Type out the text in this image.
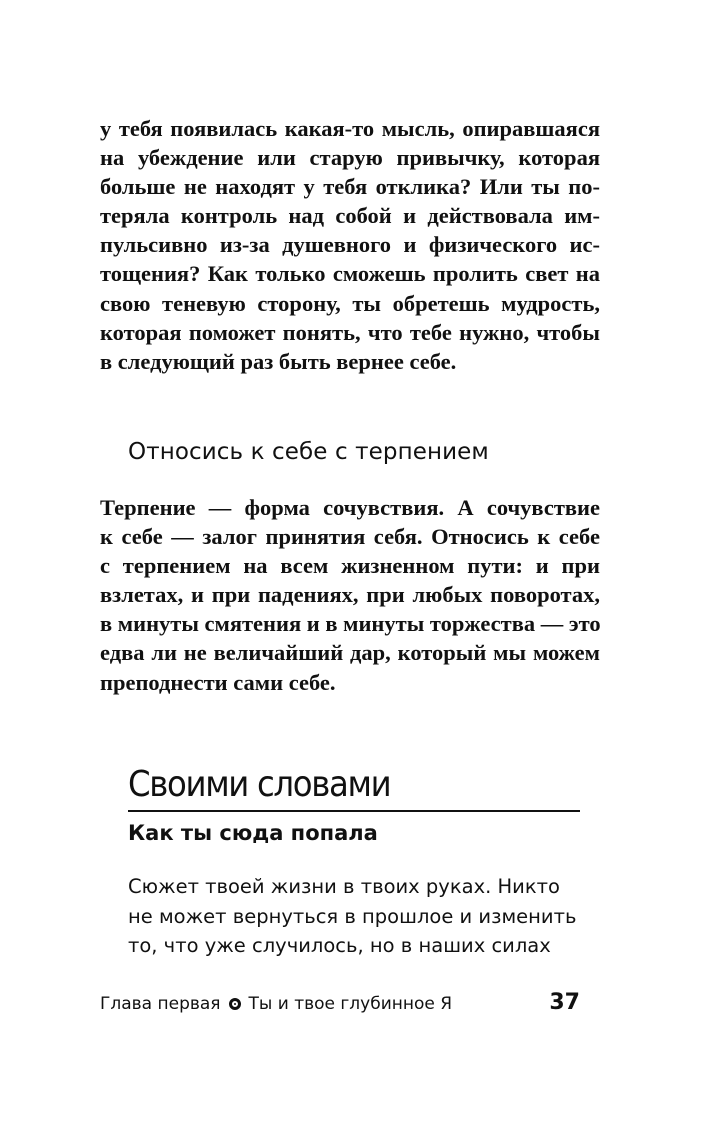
у тебя появилась какая-то мысль, опиравшаяся
на убеждение или старую привычку, которая
больше не находят у тебя отклика? Или ты по-
теряла контроль над собой и действовала им-
пульсивно из-за душевного и физического ис-
тощения? Как только сможешь пролить свет на
свою теневую сторону, ты обретешь мудрость,
которая поможет понять, что тебе нужно, чтобы
в следующий раз быть вернее себе.
Относись к себе с терпением
Терпение — форма сочувствия. А сочувствие
к себе — залог принятия себя. Относись к себе
с терпением на всем жизненном пути: и при
взлетах, и при падениях, при любых поворотах,
в минуты смятения и в минуты торжества — это
едва ли не величайший дар, который мы можем
преподнести сами себе.
Своими словами
Как ты сюда попала
Сюжет твоей жизни в твоих руках. Никто
не может вернуться в прошлое и изменить
то, что уже случилось, но в наших силах
Глава первая Ты и твое глубинное Я	37
